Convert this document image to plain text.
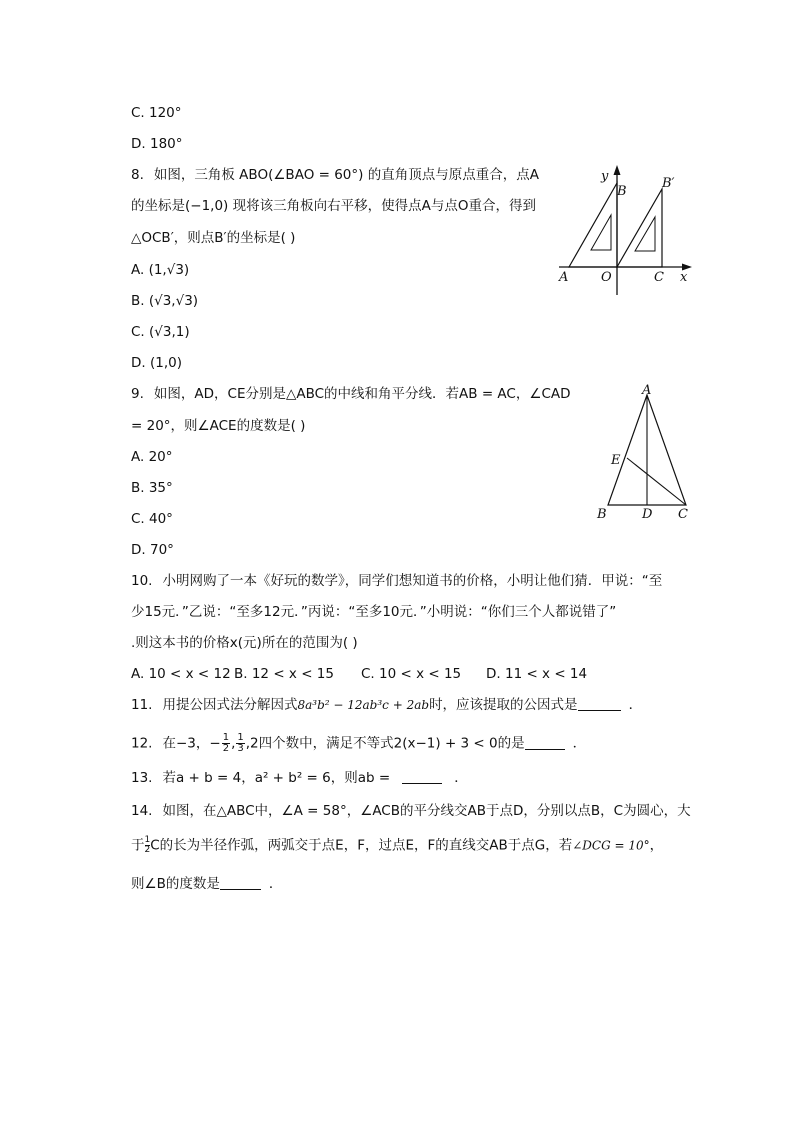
C. 120°
D. 180°
8. 如图，三角板 ABO(∠BAO = 60°) 的直角顶点与原点重合，点A
的坐标是(−1,0) 现将该三角板向右平移，使得点A与点O重合，得到
△OCB′，则点B′的坐标是( )
A. (1,√3)
B. (√3,√3)
C. (√3,1)
D. (1,0)
y
B
B′
A	O	C x
9. 如图，AD，CE分别是△ABC的中线和角平分线．若AB = AC，∠CAD
= 20°，则∠ACE的度数是( )
A. 20°
B. 35°
C. 40°
D. 70°
A
E
B	D C
10. 小明网购了一本《好玩的数学》，同学们想知道书的价格，小明让他们猜．甲说：“至
少15元．”乙说：“至多12元．”丙说：“至多10元．”小明说：“你们三个人都说错了”
.则这本书的价格x(元)所在的范围为( )
A. 10 < x < 12 B. 12 < x < 15 C. 10 < x < 15 D. 11 < x < 14
11. 用提公因式法分解因式8a³b² − 12ab³c + 2ab时，应该提取的公因式是	．
12. 在−3，− $\frac{1}{2}$ , $\frac{1}{3} ,2$四个数中，满足不等式2(x−1) + 3 < 0的是	．
13. 若a + b = 4，a² + b² = 6，则ab =	．
14. 如图，在△ABC中，∠A = 58°，∠ACB的平分线交AB于点D，分别以点B，C为圆心，大
于 $\frac{1}{2}$ C的长为半径作弧，两弧交于点E，F，过点E，F的直线交AB于点G，若∠DCG = 10°，
则∠B的度数是	．
